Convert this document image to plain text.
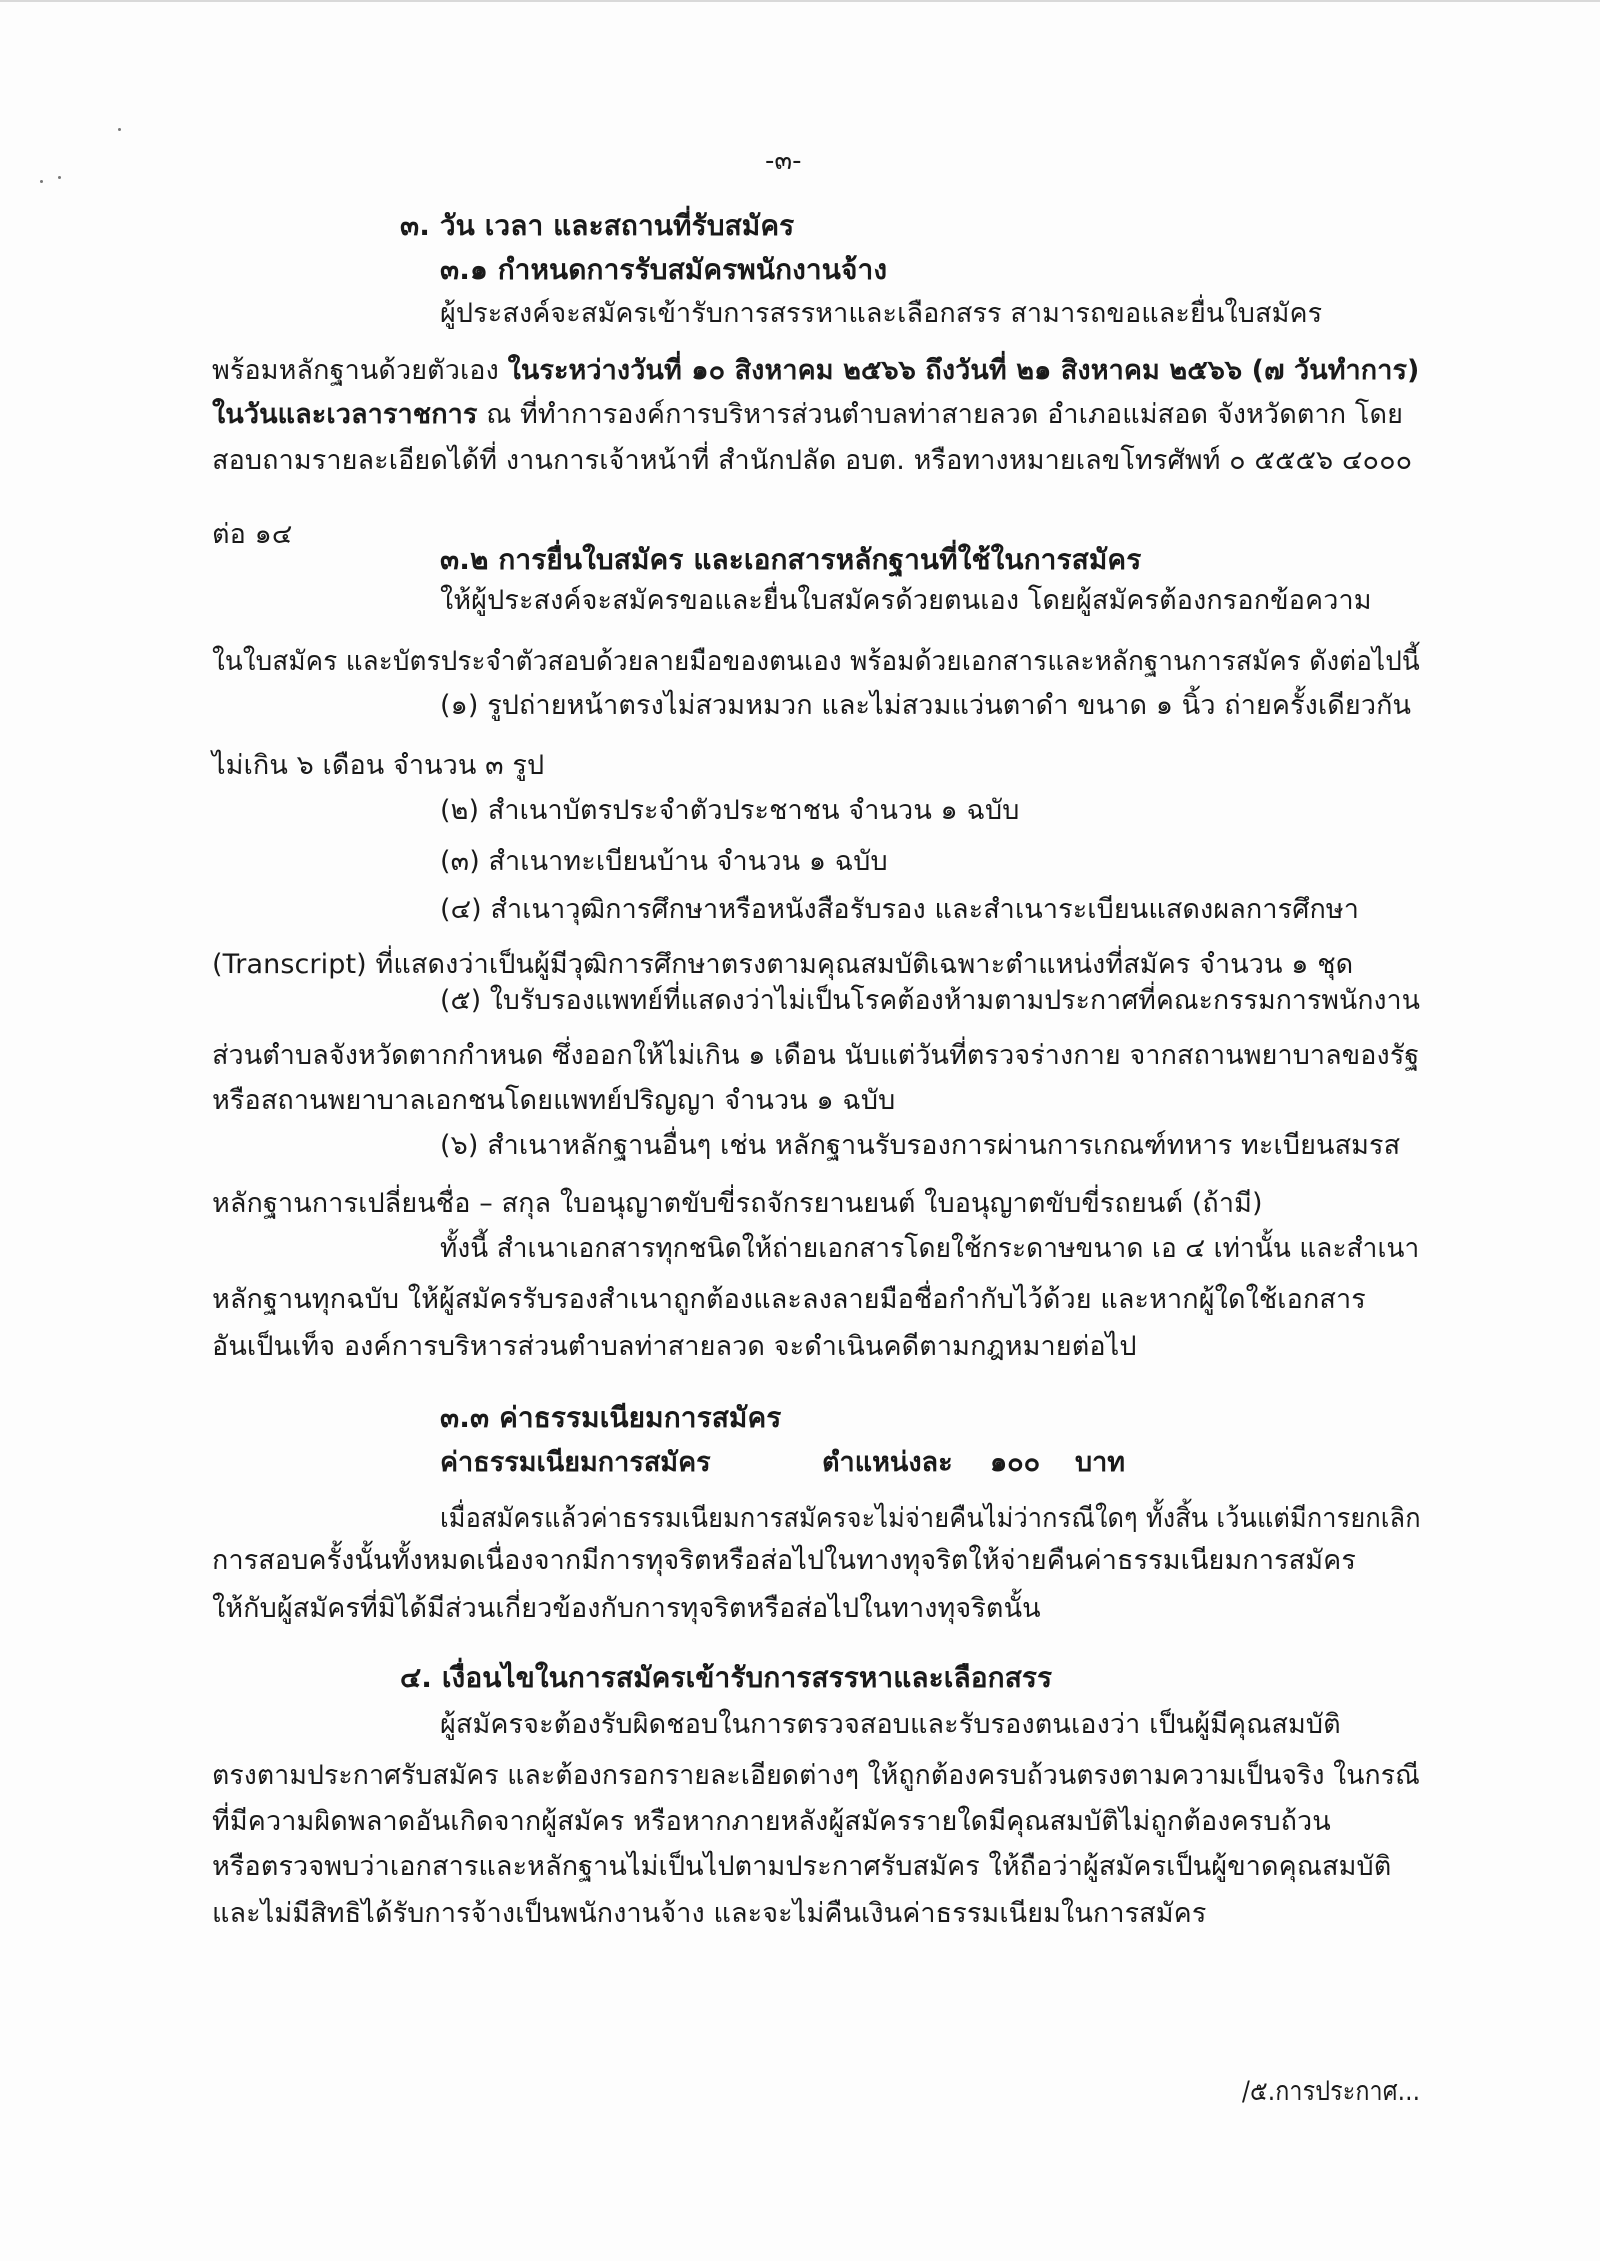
-๓-
๓. วัน เวลา และสถานที่รับสมัคร
๓.๑ กำหนดการรับสมัครพนักงานจ้าง
ผู้ประสงค์จะสมัครเข้ารับการสรรหาและเลือกสรร สามารถขอและยื่นใบสมัคร
พร้อมหลักฐานด้วยตัวเอง ในระหว่างวันที่ ๑๐ สิงหาคม ๒๕๖๖ ถึงวันที่ ๒๑ สิงหาคม ๒๕๖๖ (๗ วันทำการ)
ในวันและเวลาราชการ ณ ที่ทำการองค์การบริหารส่วนตำบลท่าสายลวด อำเภอแม่สอด จังหวัดตาก โดย
สอบถามรายละเอียดได้ที่ งานการเจ้าหน้าที่ สำนักปลัด อบต. หรือทางหมายเลขโทรศัพท์ ๐ ๕๕๕๖ ๔๐๐๐
ต่อ ๑๔
๓.๒ การยื่นใบสมัคร และเอกสารหลักฐานที่ใช้ในการสมัคร
ให้ผู้ประสงค์จะสมัครขอและยื่นใบสมัครด้วยตนเอง โดยผู้สมัครต้องกรอกข้อความ
ในใบสมัคร และบัตรประจำตัวสอบด้วยลายมือของตนเอง พร้อมด้วยเอกสารและหลักฐานการสมัคร ดังต่อไปนี้
(๑) รูปถ่ายหน้าตรงไม่สวมหมวก และไม่สวมแว่นตาดำ ขนาด ๑ นิ้ว ถ่ายครั้งเดียวกัน
ไม่เกิน ๖ เดือน จำนวน ๓ รูป
(๒) สำเนาบัตรประจำตัวประชาชน จำนวน ๑ ฉบับ
(๓) สำเนาทะเบียนบ้าน จำนวน ๑ ฉบับ
(๔) สำเนาวุฒิการศึกษาหรือหนังสือรับรอง และสำเนาระเบียนแสดงผลการศึกษา
(Transcript) ที่แสดงว่าเป็นผู้มีวุฒิการศึกษาตรงตามคุณสมบัติเฉพาะตำแหน่งที่สมัคร จำนวน ๑ ชุด
(๕) ใบรับรองแพทย์ที่แสดงว่าไม่เป็นโรคต้องห้ามตามประกาศที่คณะกรรมการพนักงาน
ส่วนตำบลจังหวัดตากกำหนด ซึ่งออกให้ไม่เกิน ๑ เดือน นับแต่วันที่ตรวจร่างกาย จากสถานพยาบาลของรัฐ
หรือสถานพยาบาลเอกชนโดยแพทย์ปริญญา จำนวน ๑ ฉบับ
(๖) สำเนาหลักฐานอื่นๆ เช่น หลักฐานรับรองการผ่านการเกณฑ์ทหาร ทะเบียนสมรส
หลักฐานการเปลี่ยนชื่อ – สกุล ใบอนุญาตขับขี่รถจักรยานยนต์ ใบอนุญาตขับขี่รถยนต์ (ถ้ามี)
ทั้งนี้ สำเนาเอกสารทุกชนิดให้ถ่ายเอกสารโดยใช้กระดาษขนาด เอ ๔ เท่านั้น และสำเนา
หลักฐานทุกฉบับ ให้ผู้สมัครรับรองสำเนาถูกต้องและลงลายมือชื่อกำกับไว้ด้วย และหากผู้ใดใช้เอกสาร
อันเป็นเท็จ องค์การบริหารส่วนตำบลท่าสายลวด จะดำเนินคดีตามกฎหมายต่อไป
๓.๓ ค่าธรรมเนียมการสมัคร
ค่าธรรมเนียมการสมัคร	ตำแหน่งละ ๑๐๐ บาท
เมื่อสมัครแล้วค่าธรรมเนียมการสมัครจะไม่จ่ายคืนไม่ว่ากรณีใดๆ ทั้งสิ้น เว้นแต่มีการยกเลิก
การสอบครั้งนั้นทั้งหมดเนื่องจากมีการทุจริตหรือส่อไปในทางทุจริตให้จ่ายคืนค่าธรรมเนียมการสมัคร
ให้กับผู้สมัครที่มิได้มีส่วนเกี่ยวข้องกับการทุจริตหรือส่อไปในทางทุจริตนั้น
๔. เงื่อนไขในการสมัครเข้ารับการสรรหาและเลือกสรร
ผู้สมัครจะต้องรับผิดชอบในการตรวจสอบและรับรองตนเองว่า เป็นผู้มีคุณสมบัติ
ตรงตามประกาศรับสมัคร และต้องกรอกรายละเอียดต่างๆ ให้ถูกต้องครบถ้วนตรงตามความเป็นจริง ในกรณี
ที่มีความผิดพลาดอันเกิดจากผู้สมัคร หรือหากภายหลังผู้สมัครรายใดมีคุณสมบัติไม่ถูกต้องครบถ้วน
หรือตรวจพบว่าเอกสารและหลักฐานไม่เป็นไปตามประกาศรับสมัคร ให้ถือว่าผู้สมัครเป็นผู้ขาดคุณสมบัติ
และไม่มีสิทธิได้รับการจ้างเป็นพนักงานจ้าง และจะไม่คืนเงินค่าธรรมเนียมในการสมัคร
/๕.การประกาศ...
